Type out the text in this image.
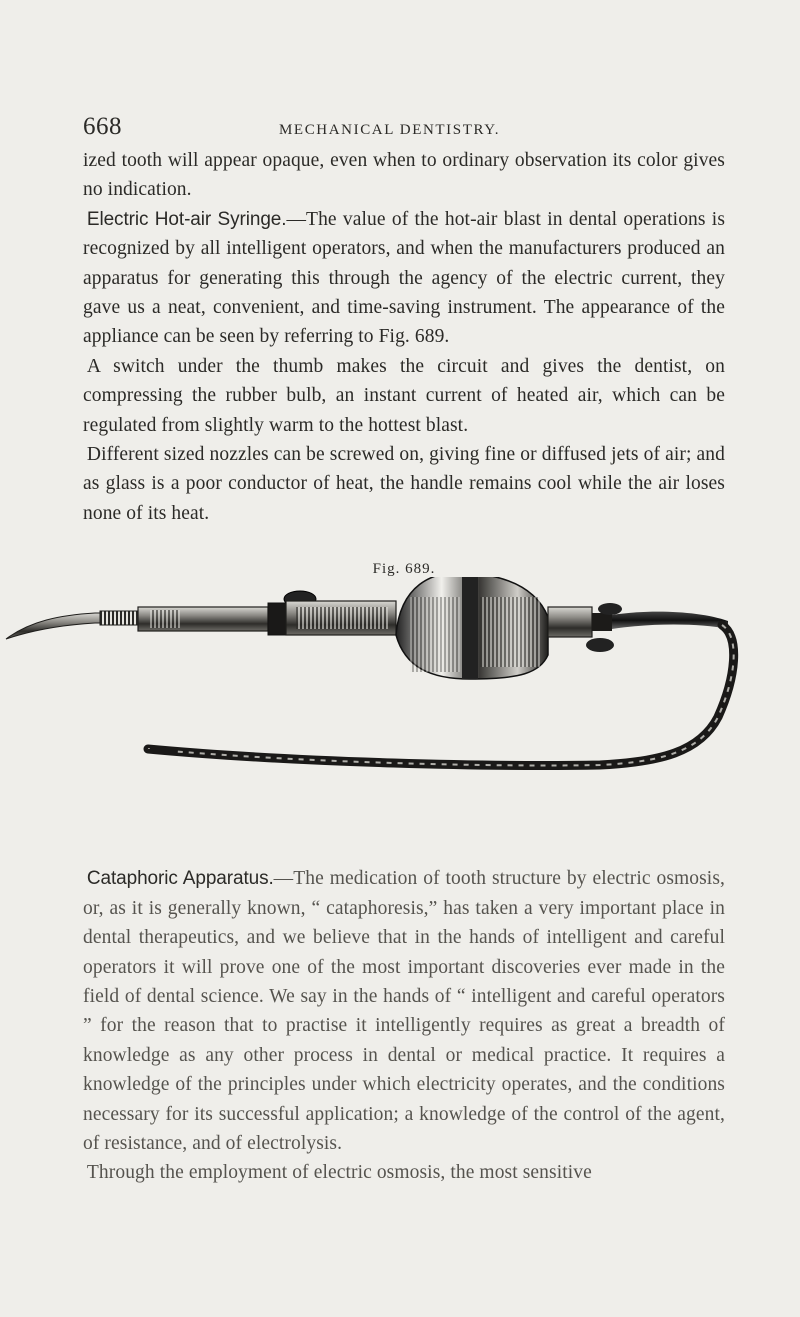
668	MECHANICAL DENTISTRY.

ized tooth will appear opaque, even when to ordinary observation its color gives no indication.

Electric Hot-air Syringe.—The value of the hot-air blast in dental operations is recognized by all intelligent operators, and when the manufacturers produced an apparatus for generating this through the agency of the electric current, they gave us a neat, convenient, and time-saving instrument. The appearance of the appliance can be seen by referring to Fig. 689.

A switch under the thumb makes the circuit and gives the dentist, on compressing the rubber bulb, an instant current of heated air, which can be regulated from slightly warm to the hottest blast.

Different sized nozzles can be screwed on, giving fine or diffused jets of air; and as glass is a poor conductor of heat, the handle remains cool while the air loses none of its heat.

Fig. 689.

Cataphoric Apparatus.—The medication of tooth structure by electric osmosis, or, as it is generally known, “ cataphoresis,” has taken a very important place in dental therapeutics, and we believe that in the hands of intelligent and careful operators it will prove one of the most important discoveries ever made in the field of dental science. We say in the hands of “ intelligent and careful operators ” for the reason that to practise it intelligently requires as great a breadth of knowledge as any other process in dental or medical practice. It requires a knowledge of the principles under which electricity operates, and the conditions necessary for its successful application; a knowledge of the control of the agent, of resistance, and of electrolysis.

Through the employment of electric osmosis, the most sensitive
